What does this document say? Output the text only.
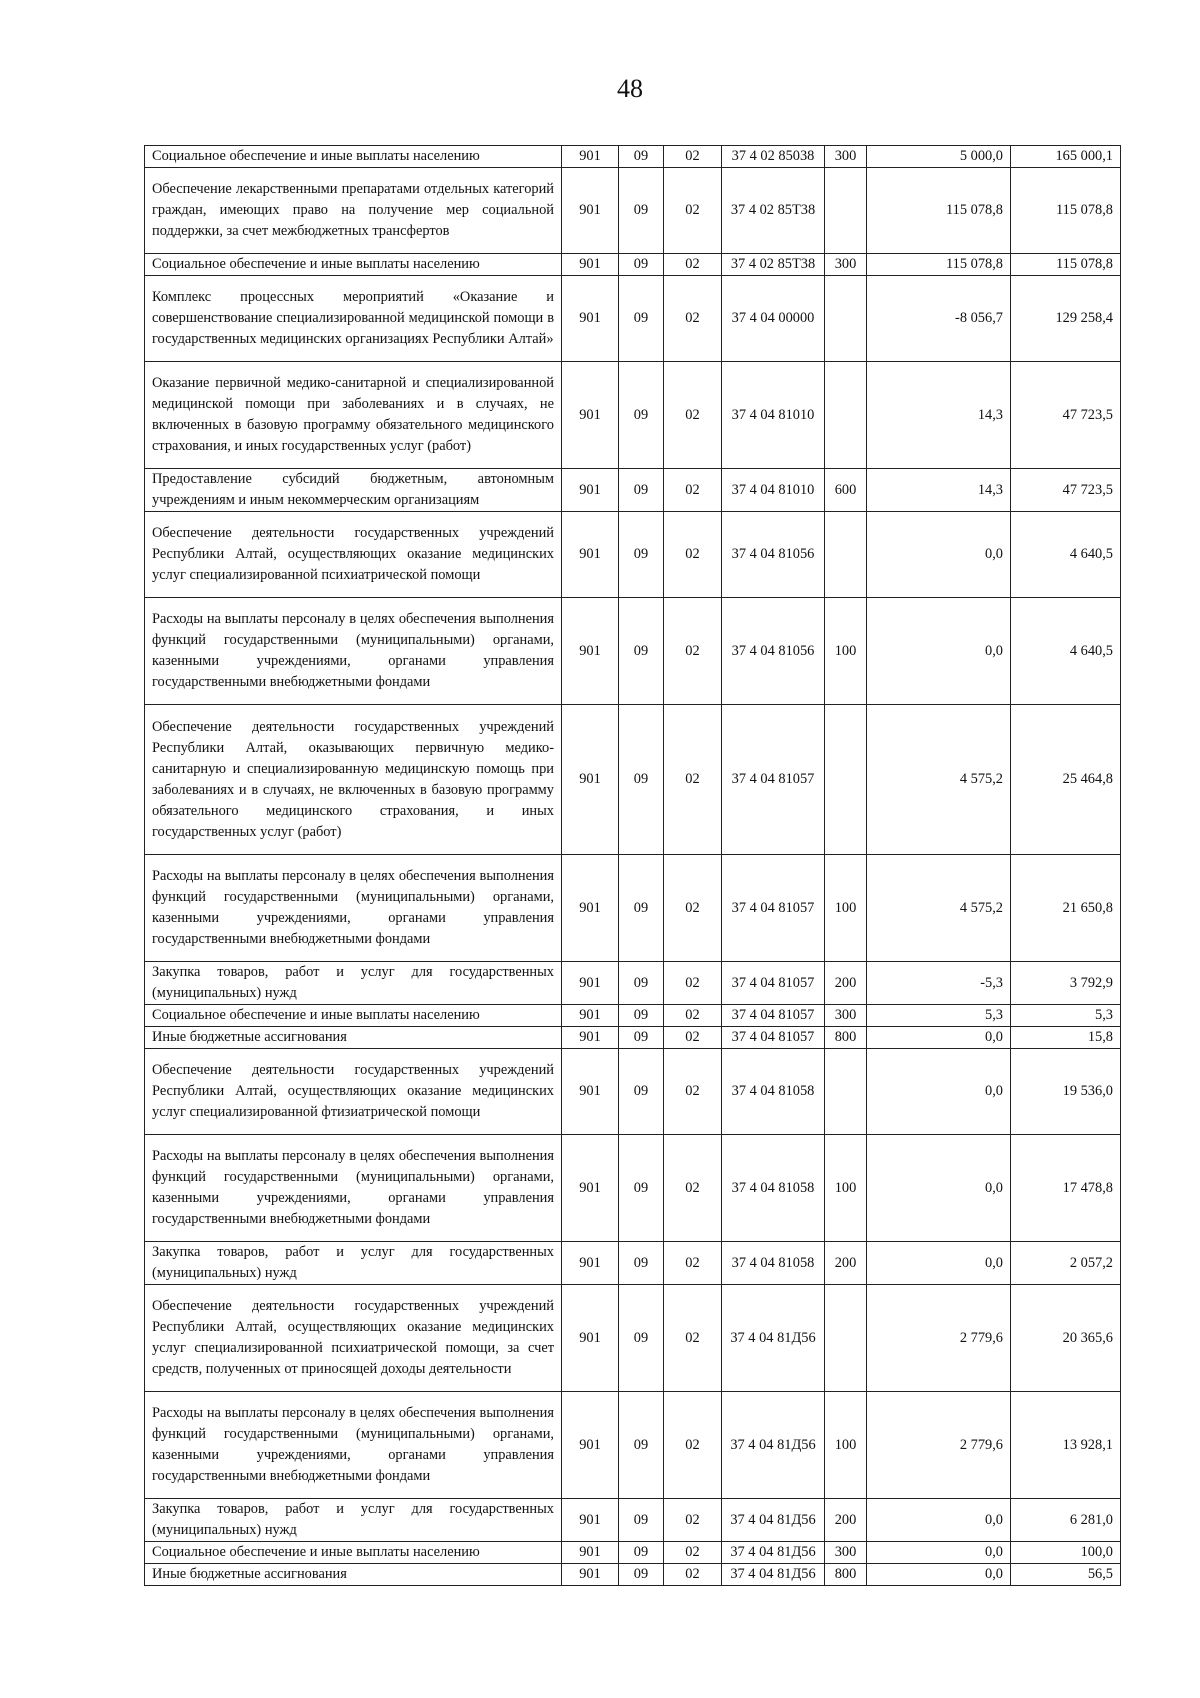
48
Социальное обеспечение и иные выплаты населению	901	09	02	37 4 02 85038	300	5 000,0	165 000,1
Обеспечение лекарственными препаратами отдельных категорий граждан, имеющих право на получение мер социальной поддержки, за счет межбюджетных трансфертов	901	09	02	37 4 02 85Т38		115 078,8	115 078,8
Социальное обеспечение и иные выплаты населению	901	09	02	37 4 02 85Т38	300	115 078,8	115 078,8
Комплекс процессных мероприятий «Оказание и совершенствование специализированной медицинской помощи в государственных медицинских организациях Республики Алтай»	901	09	02	37 4 04 00000		-8 056,7	129 258,4
Оказание первичной медико-санитарной и специализированной медицинской помощи при заболеваниях и в случаях, не включенных в базовую программу обязательного медицинского страхования, и иных государственных услуг (работ)	901	09	02	37 4 04 81010		14,3	47 723,5
Предоставление субсидий бюджетным, автономным учреждениям и иным некоммерческим организациям	901	09	02	37 4 04 81010	600	14,3	47 723,5
Обеспечение деятельности государственных учреждений Республики Алтай, осуществляющих оказание медицинских услуг специализированной психиатрической помощи	901	09	02	37 4 04 81056		0,0	4 640,5
Расходы на выплаты персоналу в целях обеспечения выполнения функций государственными (муниципальными) органами, казенными учреждениями, органами управления государственными внебюджетными фондами	901	09	02	37 4 04 81056	100	0,0	4 640,5
Обеспечение деятельности государственных учреждений Республики Алтай, оказывающих первичную медико-санитарную и специализированную медицинскую помощь при заболеваниях и в случаях, не включенных в базовую программу обязательного медицинского страхования, и иных государственных услуг (работ)	901	09	02	37 4 04 81057		4 575,2	25 464,8
Расходы на выплаты персоналу в целях обеспечения выполнения функций государственными (муниципальными) органами, казенными учреждениями, органами управления государственными внебюджетными фондами	901	09	02	37 4 04 81057	100	4 575,2	21 650,8
Закупка товаров, работ и услуг для государственных (муниципальных) нужд	901	09	02	37 4 04 81057	200	-5,3	3 792,9
Социальное обеспечение и иные выплаты населению	901	09	02	37 4 04 81057	300	5,3	5,3
Иные бюджетные ассигнования	901	09	02	37 4 04 81057	800	0,0	15,8
Обеспечение деятельности государственных учреждений Республики Алтай, осуществляющих оказание медицинских услуг специализированной фтизиатрической помощи	901	09	02	37 4 04 81058		0,0	19 536,0
Расходы на выплаты персоналу в целях обеспечения выполнения функций государственными (муниципальными) органами, казенными учреждениями, органами управления государственными внебюджетными фондами	901	09	02	37 4 04 81058	100	0,0	17 478,8
Закупка товаров, работ и услуг для государственных (муниципальных) нужд	901	09	02	37 4 04 81058	200	0,0	2 057,2
Обеспечение деятельности государственных учреждений Республики Алтай, осуществляющих оказание медицинских услуг специализированной психиатрической помощи, за счет средств, полученных от приносящей доходы деятельности	901	09	02	37 4 04 81Д56		2 779,6	20 365,6
Расходы на выплаты персоналу в целях обеспечения выполнения функций государственными (муниципальными) органами, казенными учреждениями, органами управления государственными внебюджетными фондами	901	09	02	37 4 04 81Д56	100	2 779,6	13 928,1
Закупка товаров, работ и услуг для государственных (муниципальных) нужд	901	09	02	37 4 04 81Д56	200	0,0	6 281,0
Социальное обеспечение и иные выплаты населению	901	09	02	37 4 04 81Д56	300	0,0	100,0
Иные бюджетные ассигнования	901	09	02	37 4 04 81Д56	800	0,0	56,5
